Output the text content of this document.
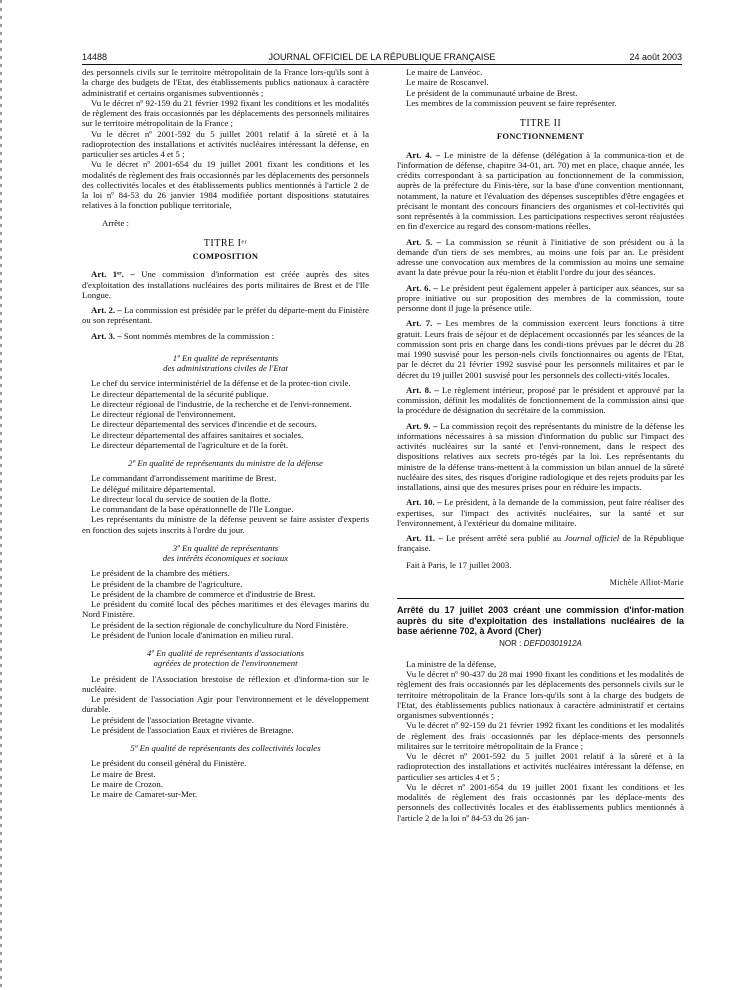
14488	JOURNAL OFFICIEL DE LA RÉPUBLIQUE FRANÇAISE	24 août 2003

des personnels civils sur le territoire métropolitain de la France lors-qu'ils sont à la charge des budgets de l'Etat, des établissements publics nationaux à caractère administratif et certains organismes subventionnés ;

Vu le décret nº 92-159 du 21 février 1992 fixant les conditions et les modalités de règlement des frais occasionnés par les déplacements des personnels militaires sur le territoire métropolitain de la France ;

Vu le décret nº 2001-592 du 5 juillet 2001 relatif à la sûreté et à la radioprotection des installations et activités nucléaires intéressant la défense, en particulier ses articles 4 et 5 ;

Vu le décret nº 2001-654 du 19 juillet 2001 fixant les conditions et les modalités de règlement des frais occasionnés par les déplacements des personnels des collectivités locales et des établissements publics mentionnés à l'article 2 de la loi nº 84-53 du 26 janvier 1984 modifiée portant dispositions statutaires relatives à la fonction publique territoriale,

Arrête :

TITRE Iᵉʳ
COMPOSITION

Art. 1ᵉʳ. – Une commission d'information est créée auprès des sites d'exploitation des installations nucléaires des ports militaires de Brest et de l'Ile Longue.

Art. 2. – La commission est présidée par le préfet du départe-ment du Finistère ou son représentant.

Art. 3. – Sont nommés membres de la commission :

1º En qualité de représentants
des administrations civiles de l'Etat

Le chef du service interministériel de la défense et de la protec-tion civile.

Le directeur départemental de la sécurité publique.

Le directeur régional de l'industrie, de la recherche et de l'envi-ronnement.

Le directeur régional de l'environnement.

Le directeur départemental des services d'incendie et de secours.

Le directeur départemental des affaires sanitaires et sociales.

Le directeur départemental de l'agriculture et de la forêt.

2º En qualité de représentants du ministre de la défense

Le commandant d'arrondissement maritime de Brest.

Le délégué militaire départemental.

Le directeur local du service de soutien de la flotte.

Le commandant de la base opérationnelle de l'Ile Longue.

Les représentants du ministre de la défense peuvent se faire assister d'experts en fonction des sujets inscrits à l'ordre du jour.

3º En qualité de représentants
des intérêts économiques et sociaux

Le président de la chambre des métiers.

Le président de la chambre de l'agriculture.

Le président de la chambre de commerce et d'industrie de Brest.

Le président du comité local des pêches maritimes et des élevages marins du Nord Finistère.

Le président de la section régionale de conchyliculture du Nord Finistère.

Le président de l'union locale d'animation en milieu rural.

4º En qualité de représentants d'associations
agréées de protection de l'environnement

Le président de l'Association brestoise de réflexion et d'informa-tion sur le nucléaire.

Le président de l'association Agir pour l'environnement et le développement durable.

Le président de l'association Bretagne vivante.

Le président de l'association Eaux et rivières de Bretagne.

5º En qualité de représentants des collectivités locales

Le président du conseil général du Finistère.

Le maire de Brest.

Le maire de Crozon.

Le maire de Camaret-sur-Mer.

Le maire de Lanvéoc.

Le maire de Roscanvel.

Le président de la communauté urbaine de Brest.

Les membres de la commission peuvent se faire représenter.

TITRE II
FONCTIONNEMENT

Art. 4. – Le ministre de la défense (délégation à la communica-tion et de l'information de défense, chapitre 34-01, art. 70) met en place, chaque année, les crédits correspondant à sa participation au fonctionnement de la commission, auprès de la préfecture du Finis-tère, sur la base d'une convention mentionnant, notamment, la nature et l'évaluation des dépenses susceptibles d'être engagées et précisant le montant des concours financiers des organismes et col-lectivités qui sont représentés à la commission. Les participations respectives seront réajustées en fin d'exercice au regard des consom-mations réelles.

Art. 5. – La commission se réunit à l'initiative de son président ou à la demande d'un tiers de ses membres, au moins une fois par an. Le président adresse une convocation aux membres de la commission au moins une semaine avant la date prévue pour la réu-nion et établit l'ordre du jour des séances.

Art. 6. – Le président peut également appeler à participer aux séances, sur sa propre initiative ou sur proposition des membres de la commission, toute personne dont il juge la présence utile.

Art. 7. – Les membres de la commission exercent leurs fonctions à titre gratuit. Leurs frais de séjour et de déplacement occasionnés par les séances de la commission sont pris en charge dans les condi-tions prévues par le décret du 28 mai 1990 susvisé pour les person-nels civils fonctionnaires ou agents de l'Etat, par le décret du 21 février 1992 susvisé pour les personnels militaires et par le décret du 19 juillet 2001 susvisé pour les personnels des collecti-vités locales.

Art. 8. – Le règlement intérieur, proposé par le président et approuvé par la commission, définit les modalités de fonctionnement de la commission ainsi que la procédure de désignation du secrétaire de la commission.

Art. 9. – La commission reçoit des représentants du ministre de la défense les informations nécessaires à sa mission d'information du public sur l'impact des activités nucléaires sur la santé et l'envi-ronnement, dans le respect des dispositions relatives aux secrets pro-tégés par la loi. Les représentants du ministre de la défense trans-mettent à la commission un bilan annuel de la sûreté nucléaire des sites, des risques d'origine radiologique et des rejets produits par les installations, ainsi que des mesures prises pour en réduire les impacts.

Art. 10. – Le président, à la demande de la commission, peut faire réaliser des expertises, sur l'impact des activités nucléaires, sur la santé et sur l'environnement, à l'extérieur du domaine militaire.

Art. 11. – Le présent arrêté sera publié au Journal officiel de la République française.

Fait à Paris, le 17 juillet 2003.

Michèle Alliot-Marie
Arrêté du 17 juillet 2003 créant une commission d'infor-mation auprès du site d'exploitation des installations nucléaires de la base aérienne 702, à Avord (Cher)
NOR : DEFD0301912A

La ministre de la défense,

Vu le décret nº 90-437 du 28 mai 1990 fixant les conditions et les modalités de règlement des frais occasionnés par les déplacements des personnels civils sur le territoire métropolitain de la France lors-qu'ils sont à la charge des budgets de l'Etat, des établissements publics nationaux à caractère administratif et certains organismes subventionnés ;

Vu le décret nº 92-159 du 21 février 1992 fixant les conditions et les modalités de règlement des frais occasionnés par les déplace-ments des personnels militaires sur le territoire métropolitain de la France ;

Vu le décret nº 2001-592 du 5 juillet 2001 relatif à la sûreté et à la radioprotection des installations et activités nucléaires intéressant la défense, en particulier ses articles 4 et 5 ;

Vu le décret nº 2001-654 du 19 juillet 2001 fixant les conditions et les modalités de règlement des frais occasionnés par les déplace-ments des personnels des collectivités locales et des établissements publics mentionnés à l'article 2 de la loi nº 84-53 du 26 jan-
